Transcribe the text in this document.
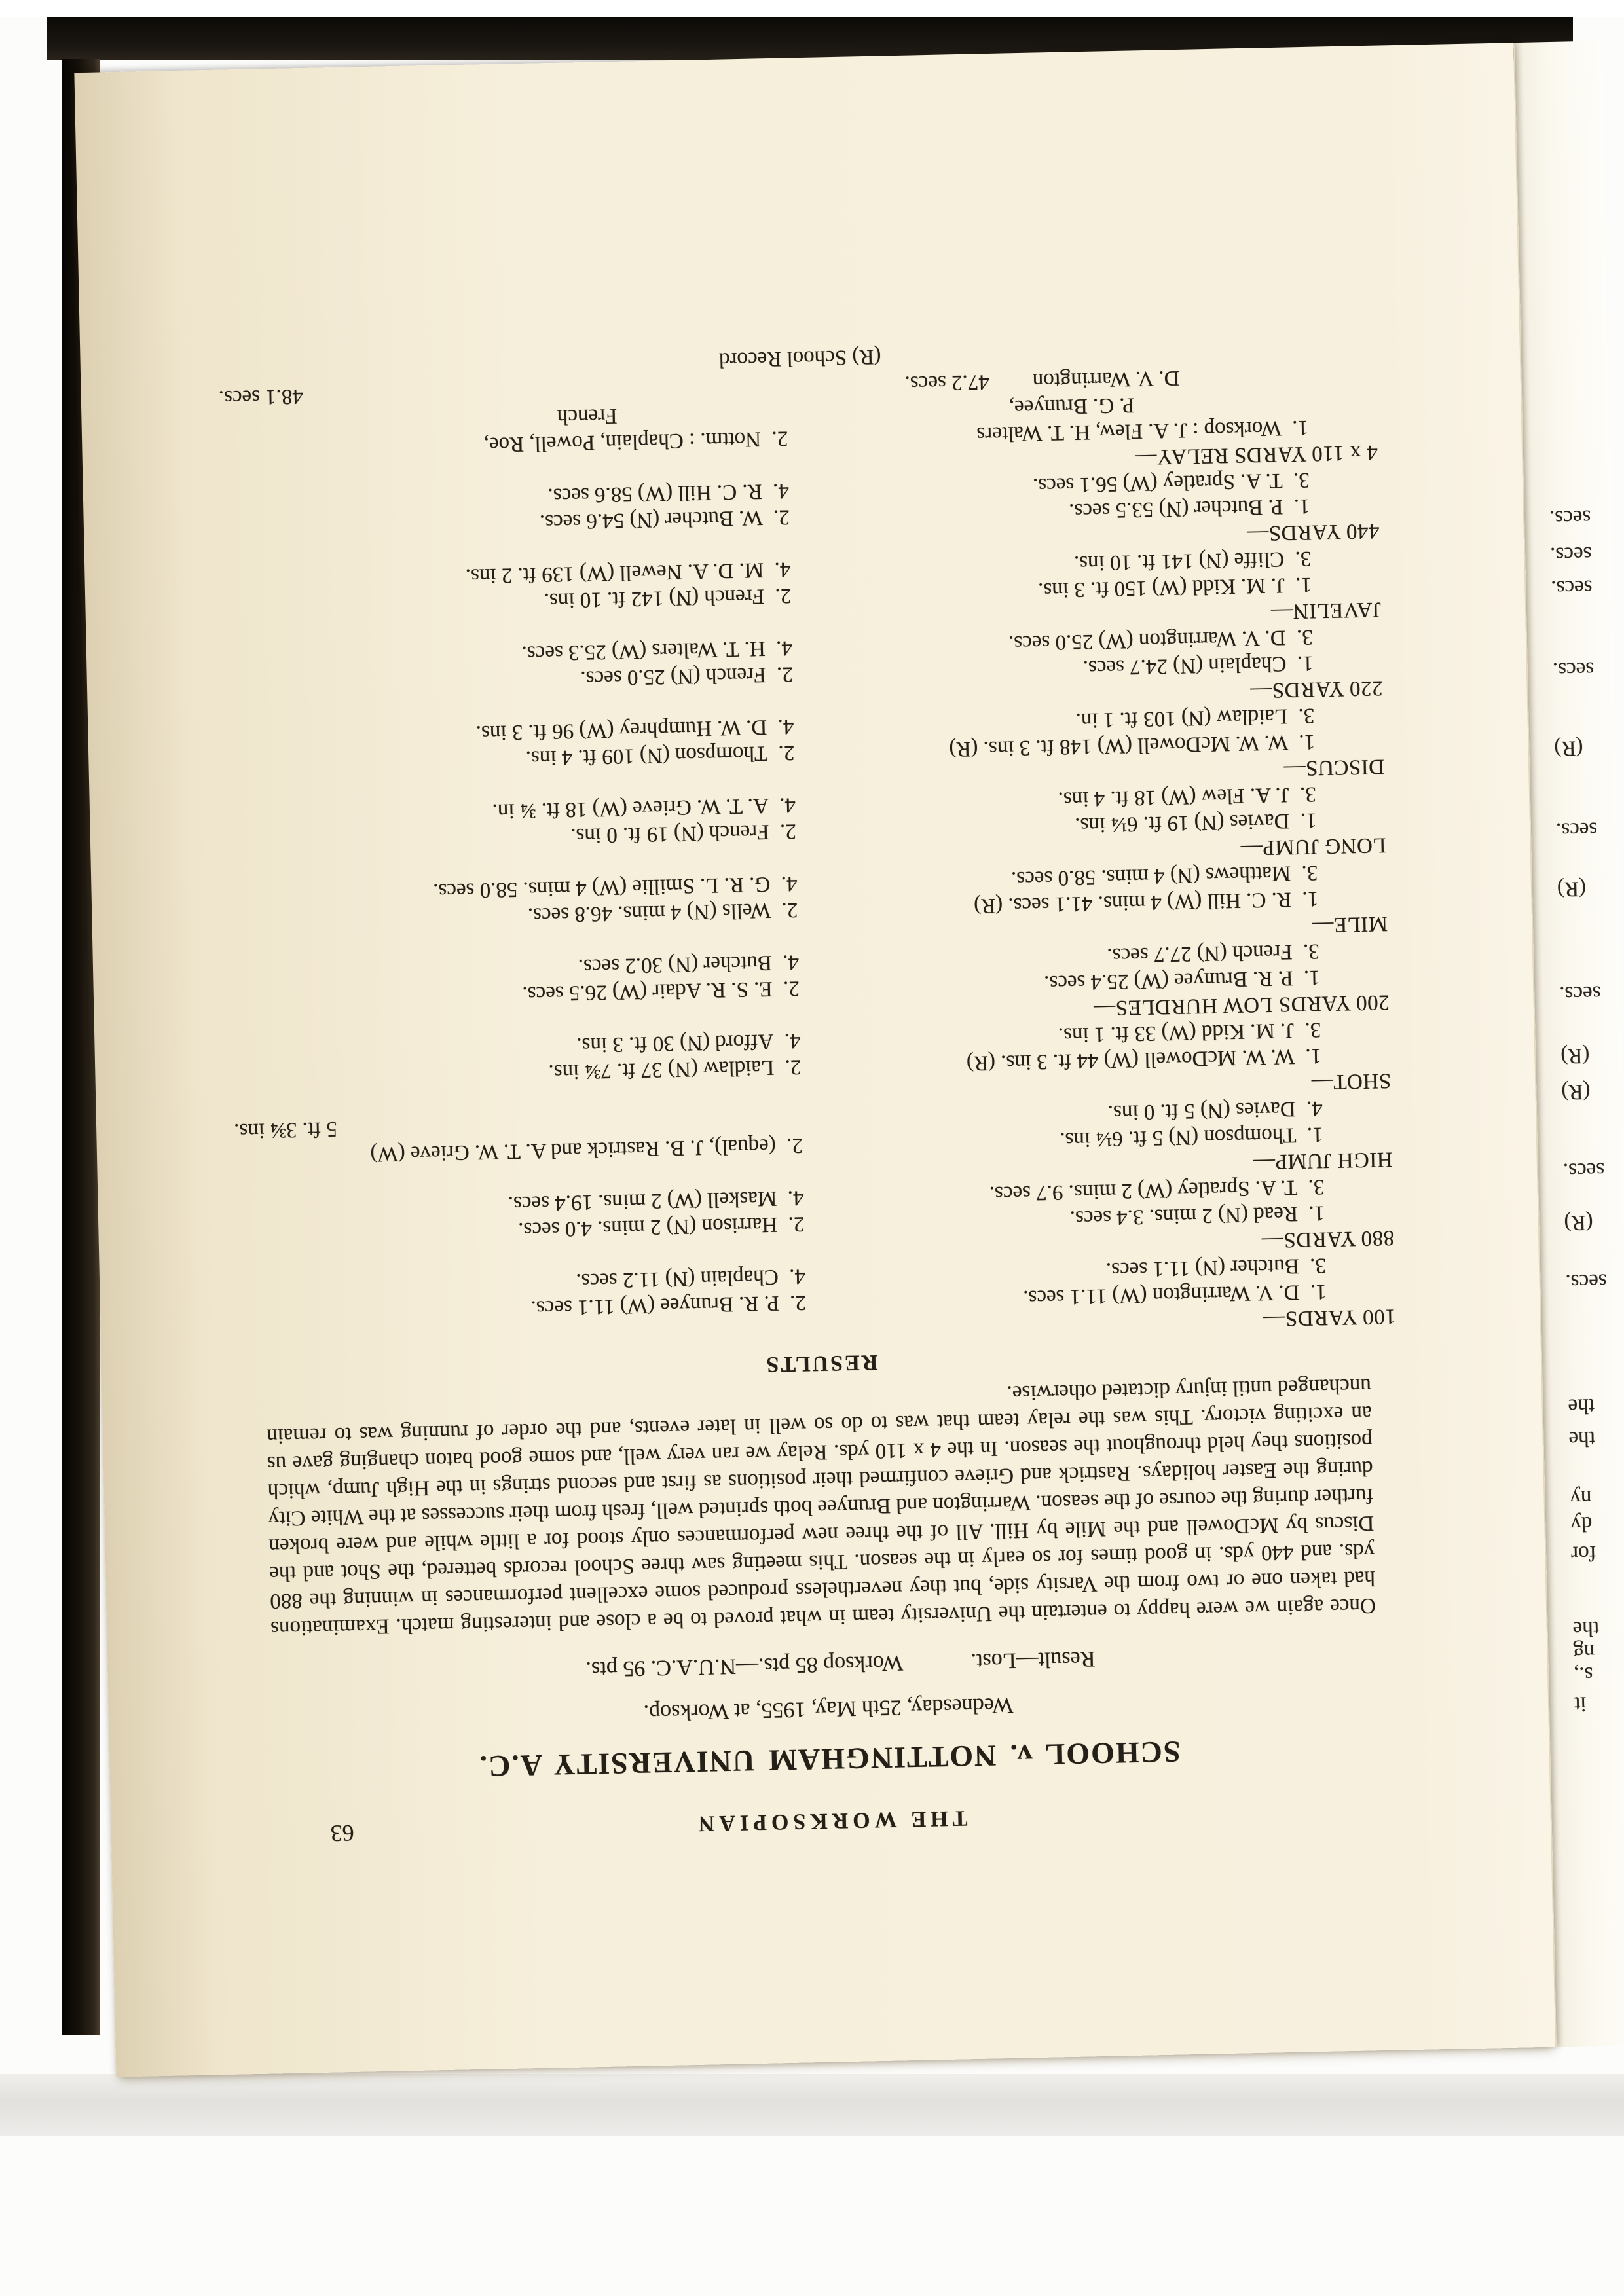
it
s.,
ng
the
for
dy
ny
the
the
secs.
(R)
secs.
(R)
(R)
secs.
(R)
secs.
(R)
secs.
secs.
secs.
secs.
THE WORKSOPIAN
63
SCHOOL v. NOTTINGHAM UNIVERSITY A.C.
Wednesday, 25th May, 1955, at Worksop.
Result—Lost. Worksop 85 pts.—N.U.A.C. 95 pts.
Once again we were happy to entertain the University team in what proved to be a close and interesting match. Examinations had taken one or two from the Varsity side, but they nevertheless produced some excellent performances in winning the 880 yds. and 440 yds. in good times for so early in the season. This meeting saw three School records bettered, the Shot and the Discus by McDowell and the Mile by Hill. All of the three new performances only stood for a little while and were broken further during the course of the season. Warrington and Brunyee both sprinted well, fresh from their successes at the White City during the Easter holidays. Rastrick and Grieve confirmed their positions as first and second strings in the High Jump, which positions they held throughout the season. In the 4 x 110 yds. Relay we ran very well, and some good baton changing gave us an exciting victory. This was the relay team that was to do so well in later events, and the order of running was to remain unchanged until injury dictated otherwise.
RESULTS
100 YARDS—
1. D. V. Warrington (W) 11.1 secs.
2. P. R. Brunyee (W) 11.1 secs.
3. Butcher (N) 11.1 secs.
4. Chaplain (N) 11.2 secs.
880 YARDS—
1. Read (N) 2 mins. 3.4 secs.
2. Harrison (N) 2 mins. 4.0 secs.
3. T. A. Spratley (W) 2 mins. 9.7 secs.
4. Maskell (W) 2 mins. 19.4 secs.
HIGH JUMP—
1. Thompson (N) 5 ft. 6¼ ins.
2. (equal), J. B. Rastrick and A. T. W. Grieve (W)
4. Davies (N) 5 ft. 0 ins.
5 ft. 3¾ ins.
SHOT—
1. W. W. McDowell (W) 44 ft. 3 ins. (R)
2. Laidlaw (N) 37 ft. 7¾ ins.
3. J. M. Kidd (W) 33 ft. 1 ins.
4. Afford (N) 30 ft. 3 ins.
200 YARDS LOW HURDLES—
1. P. R. Brunyee (W) 25.4 secs.
2. E. S. R. Adair (W) 26.5 secs.
3. French (N) 27.7 secs.
4. Butcher (N) 30.2 secs.
MILE—
1. R. C. Hill (W) 4 mins. 41.1 secs. (R)
2. Wells (N) 4 mins. 46.8 secs.
3. Matthews (N) 4 mins. 58.0 secs.
4. G. R. L. Smillie (W) 4 mins. 58.0 secs.
LONG JUMP—
1. Davies (N) 19 ft. 6¼ ins.
2. French (N) 19 ft. 0 ins.
3. J. A. Flew (W) 18 ft. 4 ins.
4. A. T. W. Grieve (W) 18 ft. ¾ in.
DISCUS—
1. W. W. McDowell (W) 148 ft. 3 ins. (R)
2. Thompson (N) 109 ft. 4 ins.
3. Laidlaw (N) 103 ft. 1 in.
4. D. W. Humphrey (W) 96 ft. 3 ins.
220 YARDS—
1. Chaplain (N) 24.7 secs.
2. French (N) 25.0 secs.
3. D. V. Warrington (W) 25.0 secs.
4. H. T. Walters (W) 25.3 secs.
JAVELIN—
1. J. M. Kidd (W) 150 ft. 3 ins.
2. French (N) 142 ft. 10 ins.
3. Cliffe (N) 141 ft. 10 ins.
4. M. D. A. Newell (W) 139 ft. 2 ins.
440 YARDS—
1. P. Butcher (N) 53.5 secs.
2. W. Butcher (N) 54.6 secs.
3. T. A. Spratley (W) 56.1 secs.
4. R. C. Hill (W) 58.6 secs.
4 x 110 YARDS RELAY—
1. Worksop : J. A. Flew, H. T. Walters
2. Nottm. : Chaplain, Powell, Roe,
P. G. Brunyee,
French
D. V. Warrington  47.2 secs.
48.1 secs.
(R) School Record
